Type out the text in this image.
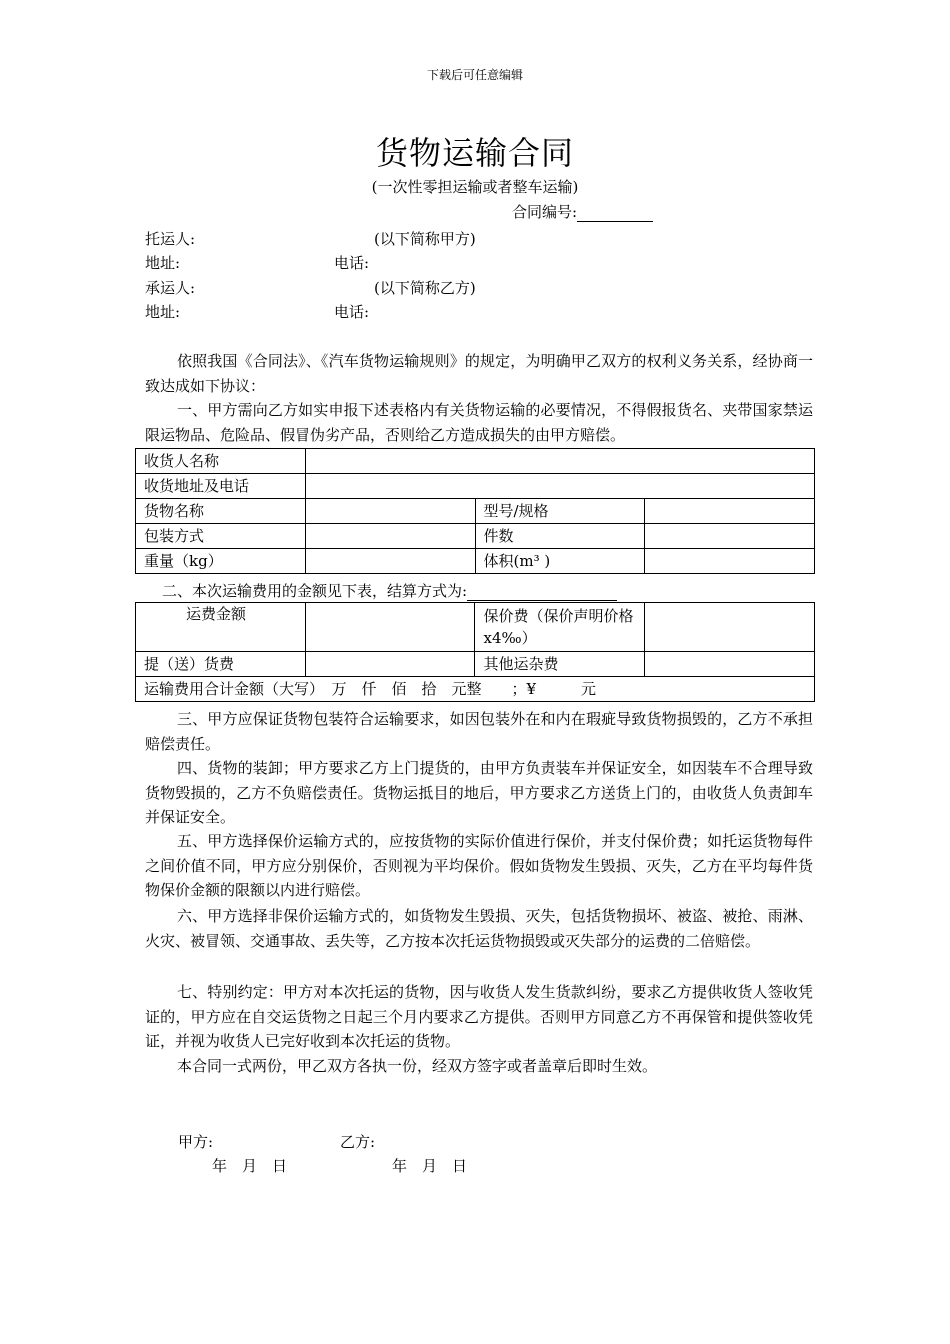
下载后可任意编辑
货物运输合同
(一次性零担运输或者整车运输)
合同编号:
托运人:	(以下简称甲方)
地址:	电话:
承运人:	(以下简称乙方)
地址:	电话:
依照我国《合同法》、《汽车货物运输规则》的规定，为明确甲乙双方的权利义务关系，经协商一致达成如下协议：
一、甲方需向乙方如实申报下述表格内有关货物运输的必要情况，不得假报货名、夹带国家禁运限运物品、危险品、假冒伪劣产品，否则给乙方造成损失的由甲方赔偿。
收货人名称			
收货地址及电话			
货物名称		型号/规格	
包装方式		件数	
重量（kg）		体积(m³ )	
二、本次运输费用的金额见下表，结算方式为:
运费金额		保价费（保价声明价格 x4‰）	
提（送）货费		其他运杂费	
运输费用合计金额（大写）　万　仟　佰　拾　元整　　；¥　　　元			
三、甲方应保证货物包装符合运输要求，如因包装外在和内在瑕疵导致货物损毁的，乙方不承担赔偿责任。
四、货物的装卸；甲方要求乙方上门提货的，由甲方负责装车并保证安全，如因装车不合理导致货物毁损的，乙方不负赔偿责任。货物运抵目的地后，甲方要求乙方送货上门的，由收货人负责卸车并保证安全。
五、甲方选择保价运输方式的，应按货物的实际价值进行保价，并支付保价费；如托运货物每件之间价值不同，甲方应分别保价，否则视为平均保价。假如货物发生毁损、灭失，乙方在平均每件货物保价金额的限额以内进行赔偿。
六、甲方选择非保价运输方式的，如货物发生毁损、灭失，包括货物损坏、被盗、被抢、雨淋、火灾、被冒领、交通事故、丢失等，乙方按本次托运货物损毁或灭失部分的运费的二倍赔偿。
七、特别约定：甲方对本次托运的货物，因与收货人发生货款纠纷，要求乙方提供收货人签收凭证的，甲方应在自交运货物之日起三个月内要求乙方提供。否则甲方同意乙方不再保管和提供签收凭证，并视为收货人已完好收到本次托运的货物。
本合同一式两份，甲乙双方各执一份，经双方签字或者盖章后即时生效。
甲方:	乙方:
年　月　日	年　月　日
